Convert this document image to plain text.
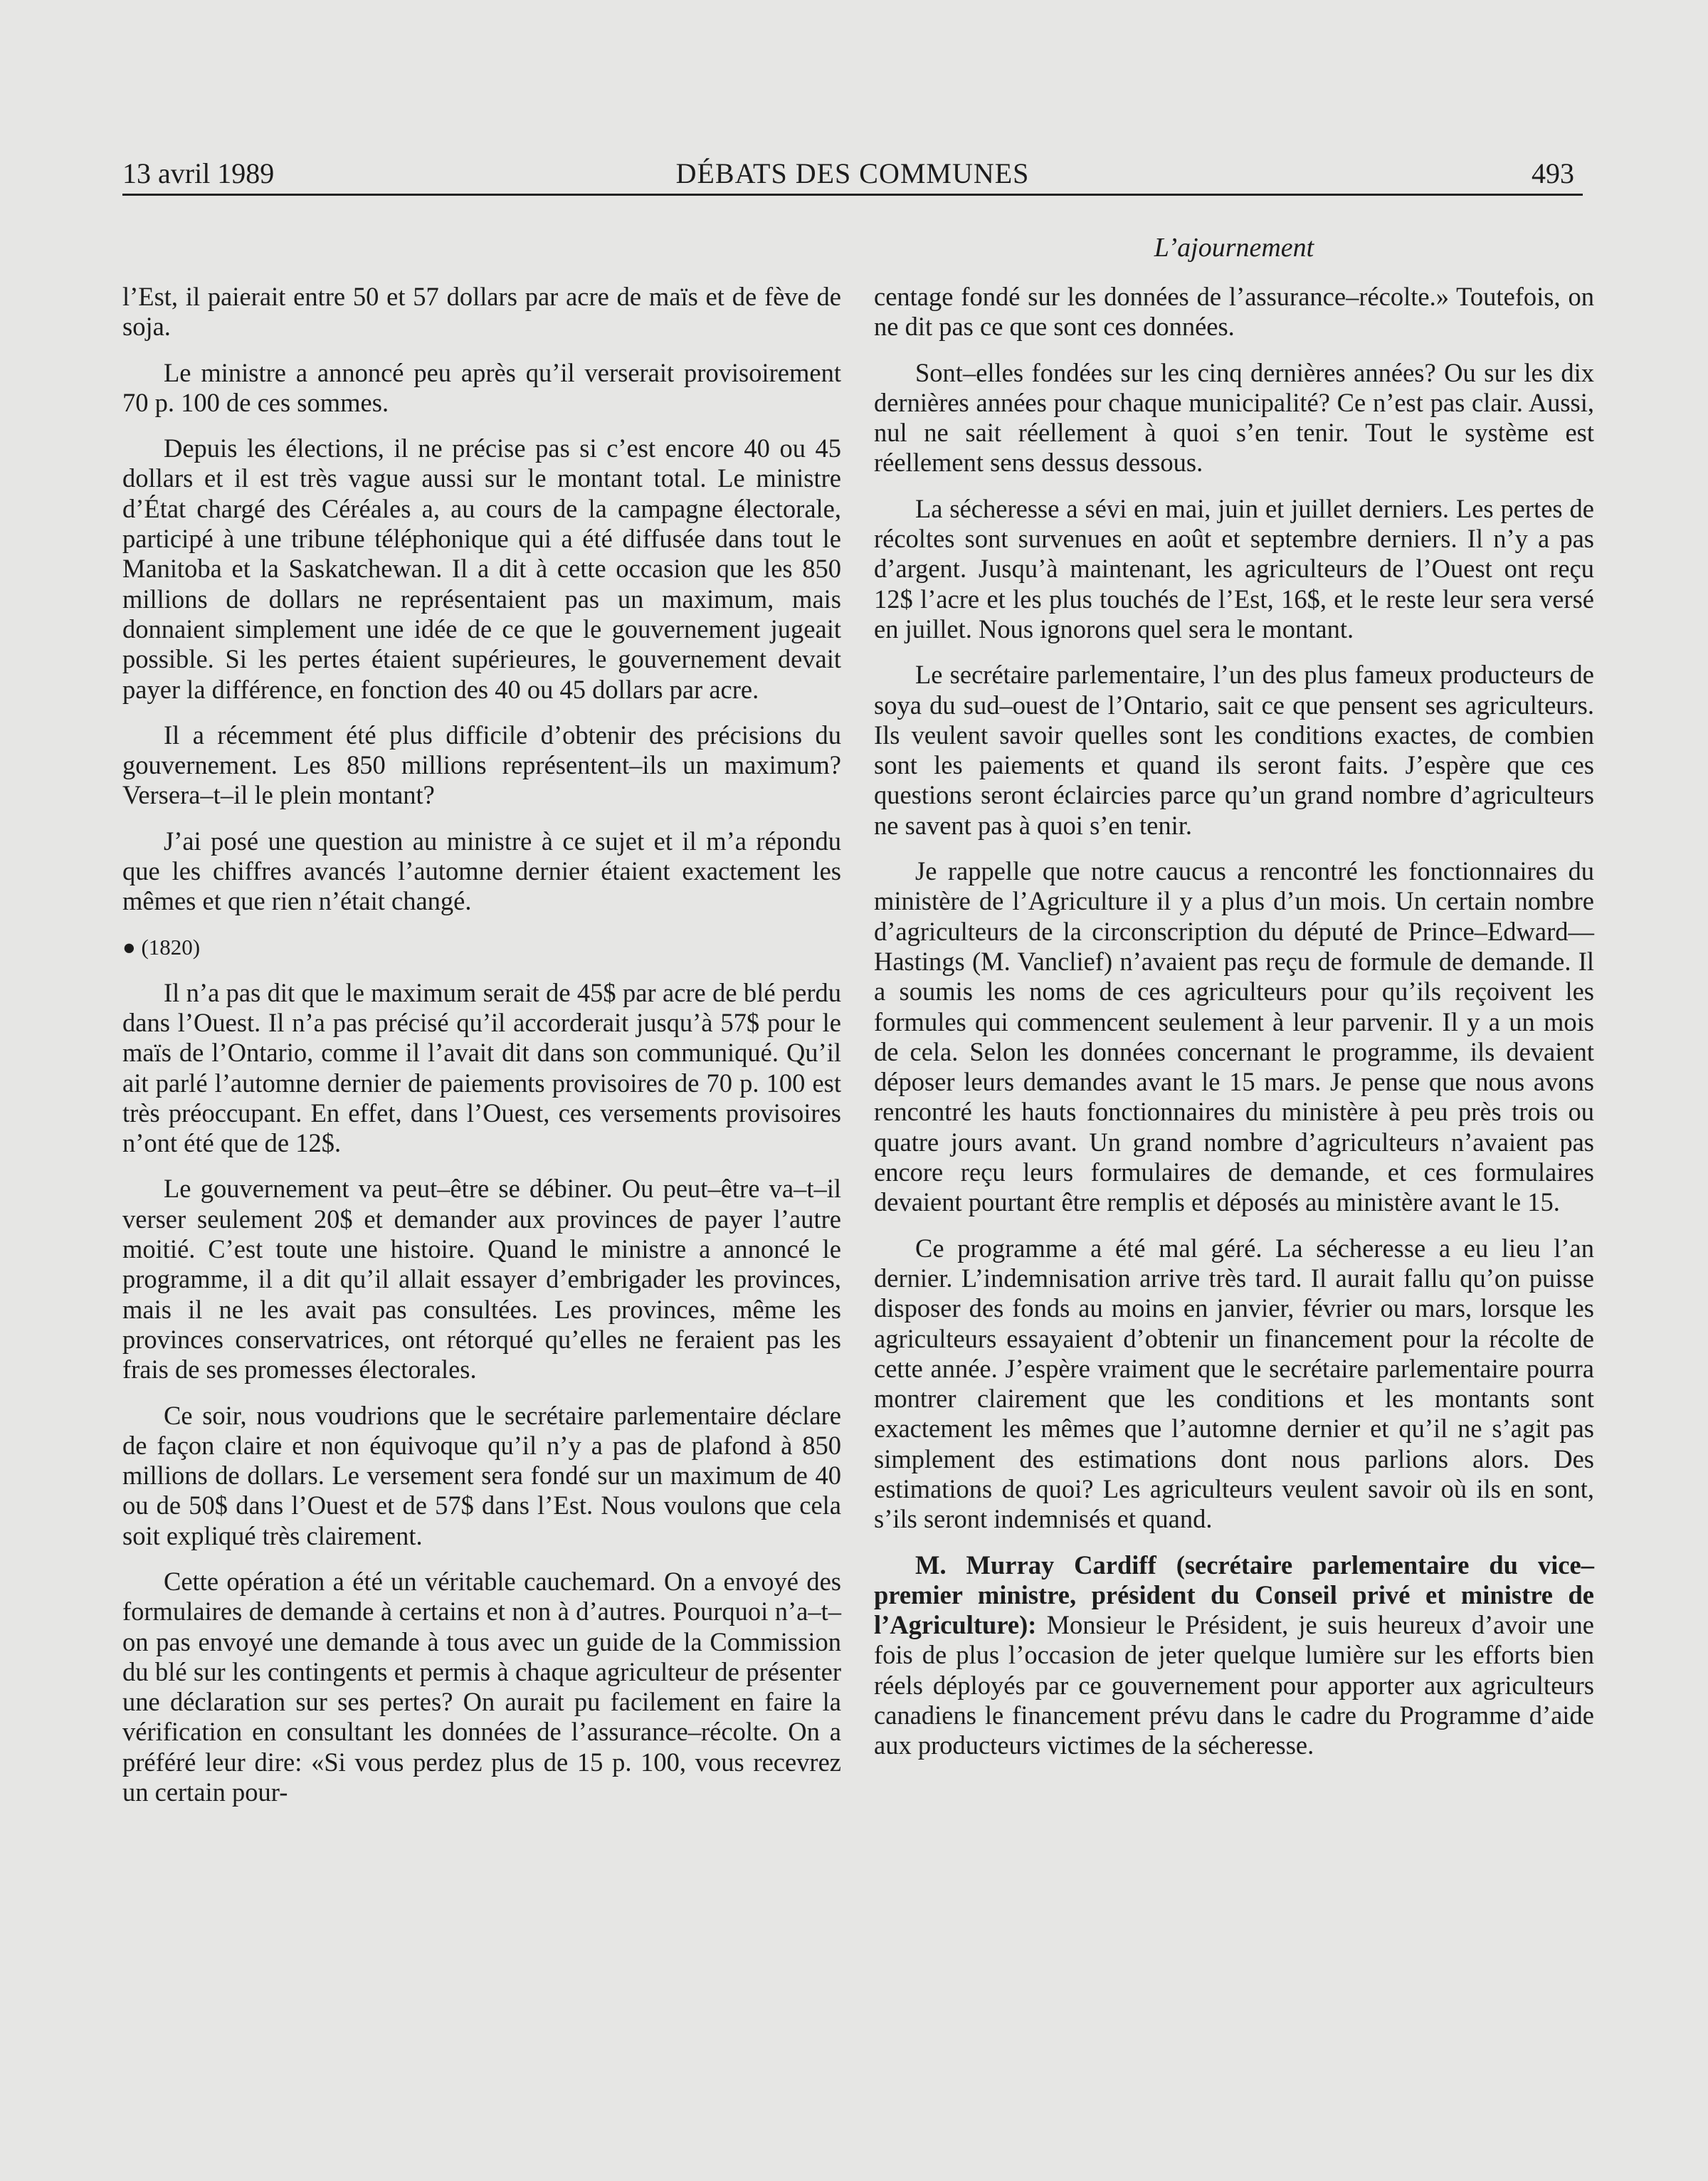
13 avril 1989	DÉBATS DES COMMUNES	493
L’ajournement

l’Est, il paierait entre 50 et 57 dollars par acre de maïs et de fève de soja.

Le ministre a annoncé peu après qu’il verserait provisoirement 70 p. 100 de ces sommes.

Depuis les élections, il ne précise pas si c’est encore 40 ou 45 dollars et il est très vague aussi sur le montant total. Le ministre d’État chargé des Céréales a, au cours de la campagne électorale, participé à une tribune téléphonique qui a été diffusée dans tout le Manitoba et la Saskatchewan. Il a dit à cette occasion que les 850 millions de dollars ne représentaient pas un maximum, mais donnaient simplement une idée de ce que le gouvernement jugeait possible. Si les pertes étaient supérieures, le gouvernement devait payer la différence, en fonction des 40 ou 45 dollars par acre.

Il a récemment été plus difficile d’obtenir des précisions du gouvernement. Les 850 millions représentent–ils un maximum? Versera–t–il le plein montant?

J’ai posé une question au ministre à ce sujet et il m’a répondu que les chiffres avancés l’automne dernier étaient exactement les mêmes et que rien n’était changé.

● (1820)

Il n’a pas dit que le maximum serait de 45$ par acre de blé perdu dans l’Ouest. Il n’a pas précisé qu’il accorderait jusqu’à 57$ pour le maïs de l’Ontario, comme il l’avait dit dans son communiqué. Qu’il ait parlé l’automne dernier de paiements provisoires de 70 p. 100 est très préoccupant. En effet, dans l’Ouest, ces versements provisoires n’ont été que de 12$.

Le gouvernement va peut–être se débiner. Ou peut–être va–t–il verser seulement 20$ et demander aux provinces de payer l’autre moitié. C’est toute une histoire. Quand le ministre a annoncé le programme, il a dit qu’il allait essayer d’embrigader les provinces, mais il ne les avait pas consultées. Les provinces, même les provinces conservatrices, ont rétorqué qu’elles ne feraient pas les frais de ses promesses électorales.

Ce soir, nous voudrions que le secrétaire parlementaire déclare de façon claire et non équivoque qu’il n’y a pas de plafond à 850 millions de dollars. Le versement sera fondé sur un maximum de 40 ou de 50$ dans l’Ouest et de 57$ dans l’Est. Nous voulons que cela soit expliqué très clairement.

Cette opération a été un véritable cauchemard. On a envoyé des formulaires de demande à certains et non à d’autres. Pourquoi n’a–t–on pas envoyé une demande à tous avec un guide de la Commission du blé sur les contingents et permis à chaque agriculteur de présenter une déclaration sur ses pertes? On aurait pu facilement en faire la vérification en consultant les données de l’assurance–récolte. On a préféré leur dire: «Si vous perdez plus de 15 p. 100, vous recevrez un certain pour-

centage fondé sur les données de l’assurance–récolte.» Toutefois, on ne dit pas ce que sont ces données.

Sont–elles fondées sur les cinq dernières années? Ou sur les dix dernières années pour chaque municipalité? Ce n’est pas clair. Aussi, nul ne sait réellement à quoi s’en tenir. Tout le système est réellement sens dessus dessous.

La sécheresse a sévi en mai, juin et juillet derniers. Les pertes de récoltes sont survenues en août et septembre derniers. Il n’y a pas d’argent. Jusqu’à maintenant, les agriculteurs de l’Ouest ont reçu 12$ l’acre et les plus touchés de l’Est, 16$, et le reste leur sera versé en juillet. Nous ignorons quel sera le montant.

Le secrétaire parlementaire, l’un des plus fameux producteurs de soya du sud–ouest de l’Ontario, sait ce que pensent ses agriculteurs. Ils veulent savoir quelles sont les conditions exactes, de combien sont les paiements et quand ils seront faits. J’espère que ces questions seront éclaircies parce qu’un grand nombre d’agriculteurs ne savent pas à quoi s’en tenir.

Je rappelle que notre caucus a rencontré les fonctionnaires du ministère de l’Agriculture il y a plus d’un mois. Un certain nombre d’agriculteurs de la circonscription du député de Prince–Edward—Hastings (M. Vanclief) n’avaient pas reçu de formule de demande. Il a soumis les noms de ces agriculteurs pour qu’ils reçoivent les formules qui commencent seulement à leur parvenir. Il y a un mois de cela. Selon les données concernant le programme, ils devaient déposer leurs demandes avant le 15 mars. Je pense que nous avons rencontré les hauts fonctionnaires du ministère à peu près trois ou quatre jours avant. Un grand nombre d’agriculteurs n’avaient pas encore reçu leurs formulaires de demande, et ces formulaires devaient pourtant être remplis et déposés au ministère avant le 15.

Ce programme a été mal géré. La sécheresse a eu lieu l’an dernier. L’indemnisation arrive très tard. Il aurait fallu qu’on puisse disposer des fonds au moins en janvier, février ou mars, lorsque les agriculteurs essayaient d’obtenir un financement pour la récolte de cette année. J’espère vraiment que le secrétaire parlementaire pourra montrer clairement que les conditions et les montants sont exactement les mêmes que l’automne dernier et qu’il ne s’agit pas simplement des estimations dont nous parlions alors. Des estimations de quoi? Les agriculteurs veulent savoir où ils en sont, s’ils seront indemnisés et quand.

M. Murray Cardiff (secrétaire parlementaire du vice–premier ministre, président du Conseil privé et ministre de l’Agriculture): Monsieur le Président, je suis heureux d’avoir une fois de plus l’occasion de jeter quelque lumière sur les efforts bien réels déployés par ce gouvernement pour apporter aux agriculteurs canadiens le financement prévu dans le cadre du Programme d’aide aux producteurs victimes de la sécheresse.
